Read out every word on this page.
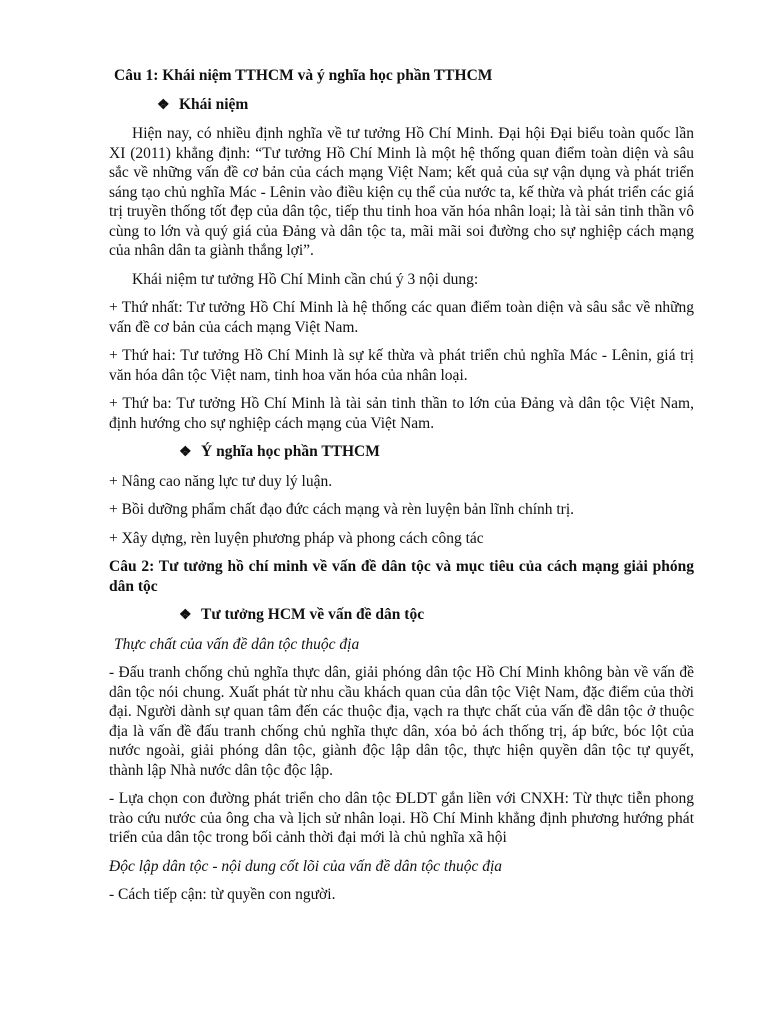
Câu 1: Khái niệm TTHCM và ý nghĩa học phần TTHCM
❖ Khái niệm

Hiện nay, có nhiều định nghĩa về tư tưởng Hồ Chí Minh. Đại hội Đại biểu toàn quốc lần XI (2011) khẳng định: “Tư tưởng Hồ Chí Minh là một hệ thống quan điểm toàn diện và sâu sắc về những vấn đề cơ bản của cách mạng Việt Nam; kết quả của sự vận dụng và phát triển sáng tạo chủ nghĩa Mác - Lênin vào điều kiện cụ thể của nước ta, kế thừa và phát triển các giá trị truyền thống tốt đẹp của dân tộc, tiếp thu tinh hoa văn hóa nhân loại; là tài sản tinh thần vô cùng to lớn và quý giá của Đảng và dân tộc ta, mãi mãi soi đường cho sự nghiệp cách mạng của nhân dân ta giành thắng lợi”.

Khái niệm tư tưởng Hồ Chí Minh cần chú ý 3 nội dung:

+ Thứ nhất: Tư tưởng Hồ Chí Minh là hệ thống các quan điểm toàn diện và sâu sắc về những vấn đề cơ bản của cách mạng Việt Nam.

+ Thứ hai: Tư tưởng Hồ Chí Minh là sự kế thừa và phát triển chủ nghĩa Mác - Lênin, giá trị văn hóa dân tộc Việt nam, tinh hoa văn hóa của nhân loại.

+ Thứ ba: Tư tưởng Hồ Chí Minh là tài sản tinh thần to lớn của Đảng và dân tộc Việt Nam, định hướng cho sự nghiệp cách mạng của Việt Nam.

❖ Ý nghĩa học phần TTHCM

+ Nâng cao năng lực tư duy lý luận.

+ Bồi dưỡng phẩm chất đạo đức cách mạng và rèn luyện bản lĩnh chính trị.

+ Xây dựng, rèn luyện phương pháp và phong cách công tác

Câu 2: Tư tưởng hồ chí minh về vấn đề dân tộc và mục tiêu của cách mạng giải phóng dân tộc
❖ Tư tưởng HCM về vấn đề dân tộc
Thực chất của vấn đề dân tộc thuộc địa

- Đấu tranh chống chủ nghĩa thực dân, giải phóng dân tộc Hồ Chí Minh không bàn về vấn đề dân tộc nói chung. Xuất phát từ nhu cầu khách quan của dân tộc Việt Nam, đặc điểm của thời đại. Người dành sự quan tâm đến các thuộc địa, vạch ra thực chất của vấn đề dân tộc ở thuộc địa là vấn đề đấu tranh chống chủ nghĩa thực dân, xóa bỏ ách thống trị, áp bức, bóc lột của nước ngoài, giải phóng dân tộc, giành độc lập dân tộc, thực hiện quyền dân tộc tự quyết, thành lập Nhà nước dân tộc độc lập.

- Lựa chọn con đường phát triển cho dân tộc ĐLDT gắn liền với CNXH: Từ thực tiễn phong trào cứu nước của ông cha và lịch sử nhân loại. Hồ Chí Minh khẳng định phương hướng phát triển của dân tộc trong bối cảnh thời đại mới là chủ nghĩa xã hội

Độc lập dân tộc - nội dung cốt lõi của vấn đề dân tộc thuộc địa

- Cách tiếp cận: từ quyền con người.
